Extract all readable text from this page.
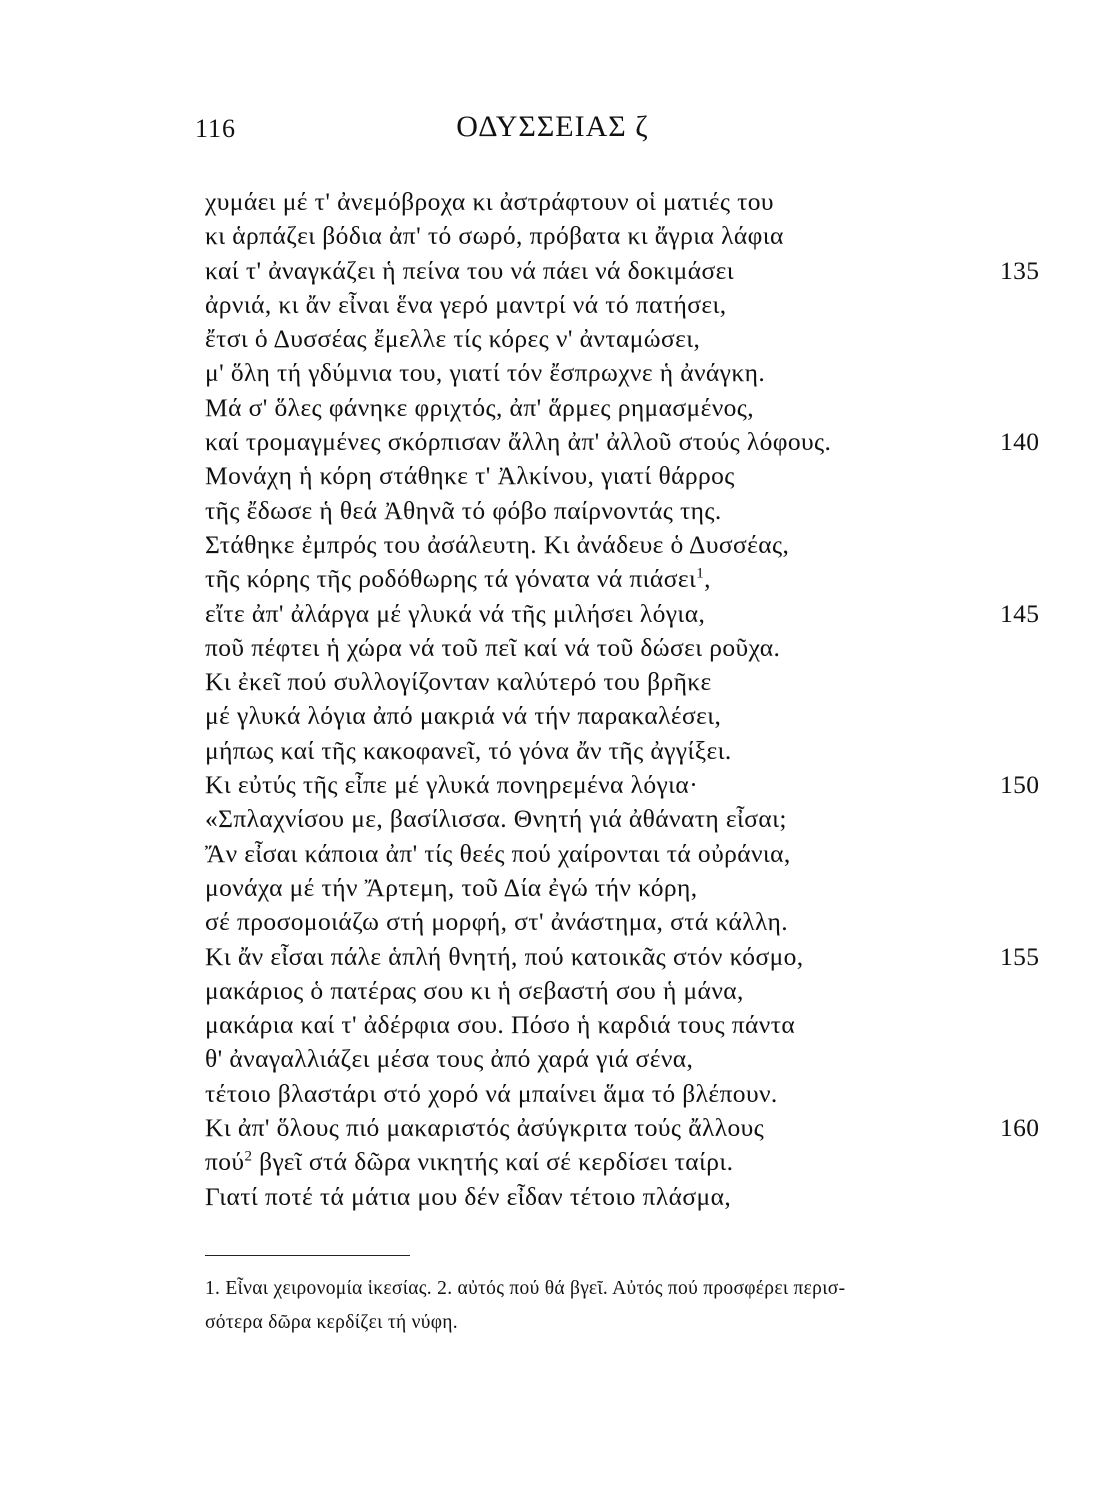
116	ΟΔΥΣΣΕΙΑΣ ζ
χυμάει μέ τ' ἀνεμόβροχα κι ἀστράφτουν οἱ ματιές του
κι ἁρπάζει βόδια ἀπ' τό σωρό, πρόβατα κι ἄγρια λάφια
καί τ' ἀναγκάζει ἡ πείνα του νά πάει νά δοκιμάσει	135
ἀρνιά, κι ἄν εἶναι ἕνα γερό μαντρί νά τό πατήσει,
ἔτσι ὁ Δυσσέας ἔμελλε τίς κόρες ν' ἀνταμώσει,
μ' ὅλη τή γδύμνια του, γιατί τόν ἔσπρωχνε ἡ ἀνάγκη.
Μά σ' ὅλες φάνηκε φριχτός, ἀπ' ἅρμες ρημασμένος,
καί τρομαγμένες σκόρπισαν ἄλλη ἀπ' ἀλλοῦ στούς λόφους.	140
Μονάχη ἡ κόρη στάθηκε τ' Ἀλκίνου, γιατί θάρρος
τῆς ἔδωσε ἡ θεά Ἀθηνᾶ τό φόβο παίρνοντάς της.
Στάθηκε ἐμπρός του ἀσάλευτη. Κι ἀνάδευε ὁ Δυσσέας,
τῆς κόρης τῆς ροδόθωρης τά γόνατα νά πιάσει$^1$,
εἴτε ἀπ' ἀλάργα μέ γλυκά νά τῆς μιλήσει λόγια,	145
ποῦ πέφτει ἡ χώρα νά τοῦ πεῖ καί νά τοῦ δώσει ροῦχα.
Κι ἐκεῖ πού συλλογίζονταν καλύτερό του βρῆκε
μέ γλυκά λόγια ἀπό μακριά νά τήν παρακαλέσει,
μήπως καί τῆς κακοφανεῖ, τό γόνα ἄν τῆς ἀγγίξει.
Κι εὐτύς τῆς εἶπε μέ γλυκά πονηρεμένα λόγια·	150
«Σπλαχνίσου με, βασίλισσα. Θνητή γιά ἀθάνατη εἶσαι;
Ἄν εἶσαι κάποια ἀπ' τίς θεές πού χαίρονται τά οὐράνια,
μονάχα μέ τήν Ἄρτεμη, τοῦ Δία ἐγώ τήν κόρη,
σέ προσομοιάζω στή μορφή, στ' ἀνάστημα, στά κάλλη.
Κι ἄν εἶσαι πάλε ἁπλή θνητή, πού κατοικᾶς στόν κόσμο,	155
μακάριος ὁ πατέρας σου κι ἡ σεβαστή σου ἡ μάνα,
μακάρια καί τ' ἀδέρφια σου. Πόσο ἡ καρδιά τους πάντα
θ' ἀναγαλλιάζει μέσα τους ἀπό χαρά γιά σένα,
τέτοιο βλαστάρι στό χορό νά μπαίνει ἅμα τό βλέπουν.
Κι ἀπ' ὅλους πιό μακαριστός ἀσύγκριτα τούς ἄλλους	160
πού$^2$ βγεῖ στά δῶρα νικητής καί σέ κερδίσει ταίρι.
Γιατί ποτέ τά μάτια μου δέν εἶδαν τέτοιο πλάσμα,
1. Εἶναι χειρονομία ἱκεσίας. 2. αὐτός πού θά βγεῖ. Αὐτός πού προσφέρει περισ-
σότερα δῶρα κερδίζει τή νύφη.
